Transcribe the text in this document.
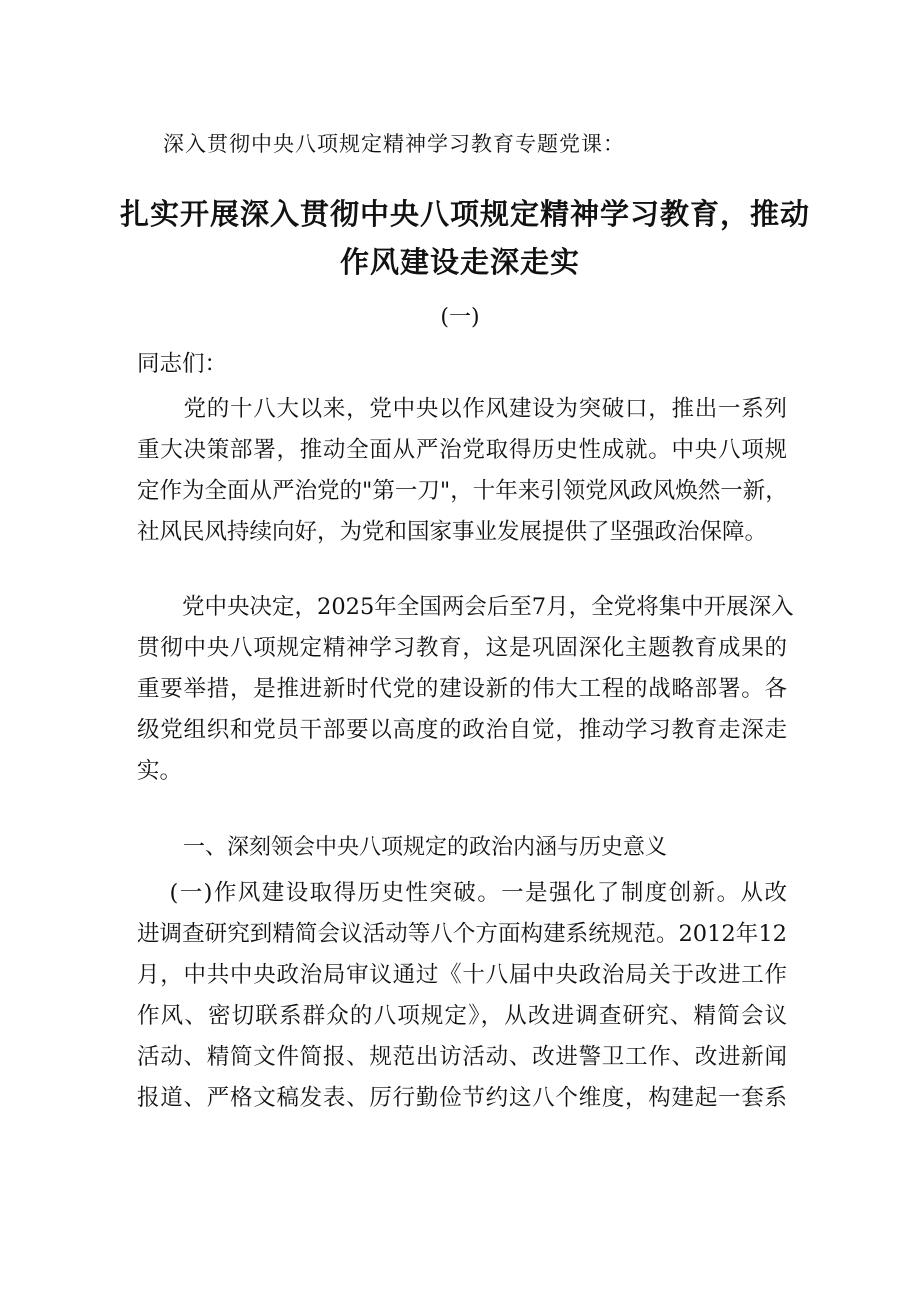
深入贯彻中央八项规定精神学习教育专题党课：
扎实开展深入贯彻中央八项规定精神学习教育，推动
作风建设走深走实
(一)
同志们：
　　党的十八大以来，党中央以作风建设为突破口，推出一系列
重大决策部署，推动全面从严治党取得历史性成就。中央八项规
定作为全面从严治党的"第一刀"，十年来引领党风政风焕然一新，
社风民风持续向好，为党和国家事业发展提供了坚强政治保障。
　　党中央决定，2025年全国两会后至7月，全党将集中开展深入
贯彻中央八项规定精神学习教育，这是巩固深化主题教育成果的
重要举措，是推进新时代党的建设新的伟大工程的战略部署。各
级党组织和党员干部要以高度的政治自觉，推动学习教育走深走
实。
一、深刻领会中央八项规定的政治内涵与历史意义
　 (一)作风建设取得历史性突破。一是强化了制度创新。从改
进调查研究到精简会议活动等八个方面构建系统规范。2012年12
月，中共中央政治局审议通过《十八届中央政治局关于改进工作
作风、密切联系群众的八项规定》，从改进调查研究、精简会议
活动、精简文件简报、规范出访活动、改进警卫工作、改进新闻
报道、严格文稿发表、厉行勤俭节约这八个维度，构建起一套系
